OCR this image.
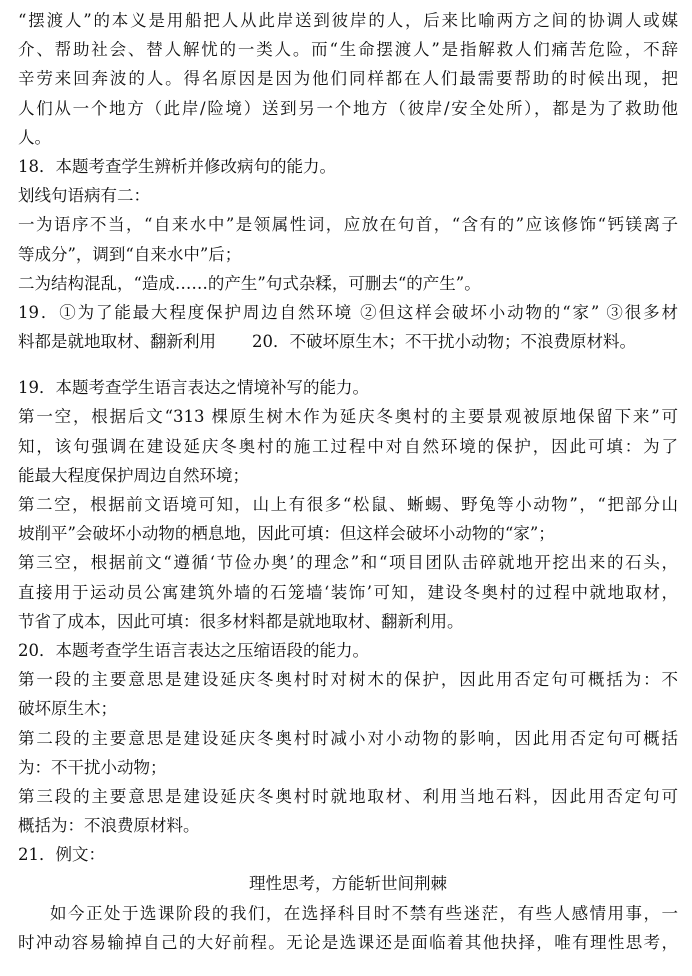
“摆渡人”的本义是用船把人从此岸送到彼岸的人，后来比喻两方之间的协调人或媒
介、帮助社会、替人解忧的一类人。而“生命摆渡人”是指解救人们痛苦危险，不辞
辛劳来回奔波的人。得名原因是因为他们同样都在人们最需要帮助的时候出现，把
人们从一个地方（此岸/险境）送到另一个地方（彼岸/安全处所），都是为了救助他
人。
18．本题考查学生辨析并修改病句的能力。
划线句语病有二：
一为语序不当，“自来水中”是领属性词，应放在句首，“含有的”应该修饰“钙镁离子
等成分”，调到“自来水中”后；
二为结构混乱，“造成……的产生”句式杂糅，可删去“的产生”。
19．①为了能最大程度保护周边自然环境 ②但这样会破坏小动物的“家” ③很多材
料都是就地取材、翻新利用 20．不破坏原生木；不干扰小动物；不浪费原材料。
19．本题考查学生语言表达之情境补写的能力。
第一空，根据后文“313 棵原生树木作为延庆冬奥村的主要景观被原地保留下来”可
知，该句强调在建设延庆冬奥村的施工过程中对自然环境的保护，因此可填：为了
能最大程度保护周边自然环境；
第二空，根据前文语境可知，山上有很多“松鼠、蜥蜴、野兔等小动物”，“把部分山
坡削平”会破坏小动物的栖息地，因此可填：但这样会破坏小动物的“家”；
第三空，根据前文“遵循‘节俭办奥’的理念”和“项目团队击碎就地开挖出来的石头，
直接用于运动员公寓建筑外墙的石笼墙‘装饰’可知，建设冬奥村的过程中就地取材，
节省了成本，因此可填：很多材料都是就地取材、翻新利用。
20．本题考查学生语言表达之压缩语段的能力。
第一段的主要意思是建设延庆冬奥村时对树木的保护，因此用否定句可概括为：不
破坏原生木；
第二段的主要意思是建设延庆冬奥村时减小对小动物的影响，因此用否定句可概括
为：不干扰小动物；
第三段的主要意思是建设延庆冬奥村时就地取材、利用当地石料，因此用否定句可
概括为：不浪费原材料。
21．例文：
理性思考，方能斩世间荆棘
如今正处于选课阶段的我们，在选择科目时不禁有些迷茫，有些人感情用事，一
时冲动容易输掉自己的大好前程。无论是选课还是面临着其他抉择，唯有理性思考，
